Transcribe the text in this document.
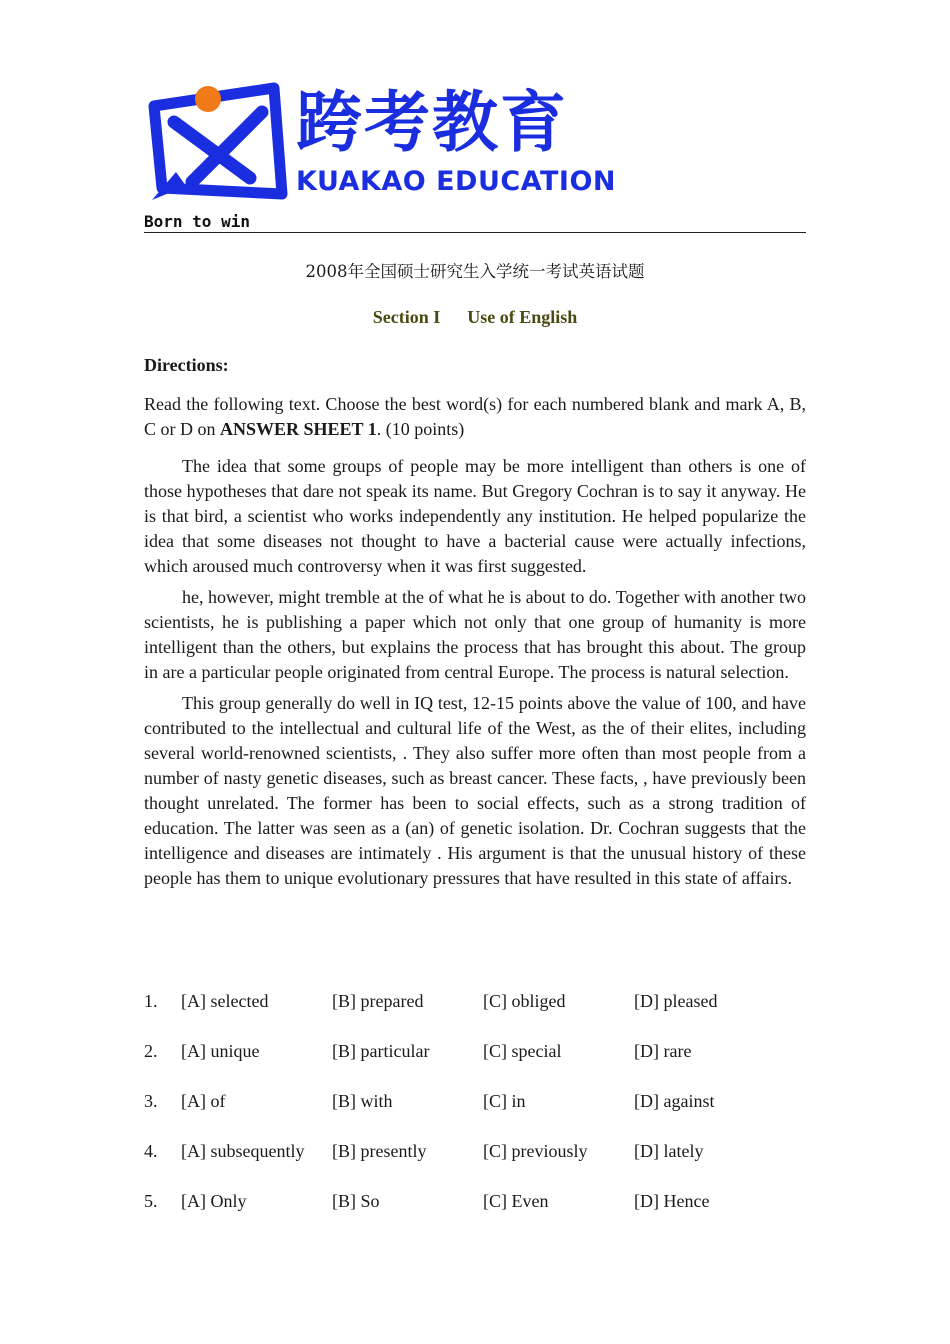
跨考教育
KUAKAO EDUCATION
Born to win
2008年全国硕士研究生入学统一考试英语试题
Section I      Use of English
Directions:
Read the following text. Choose the best word(s) for each numbered blank and mark A, B, C or D on ANSWER SHEET 1. (10 points)

The idea that some groups of people may be more intelligent than others is one of those hypotheses that dare not speak its name. But Gregory Cochran is to say it anyway. He is that bird, a scientist who works independently any institution. He helped popularize the idea that some diseases not thought to have a bacterial cause were actually infections, which aroused much controversy when it was first suggested.

he, however, might tremble at the of what he is about to do. Together with another two scientists, he is publishing a paper which not only that one group of humanity is more intelligent than the others, but explains the process that has brought this about. The group in are a particular people originated from central Europe. The process is natural selection.

This group generally do well in IQ test, 12-15 points above the value of 100, and have contributed to the intellectual and cultural life of the West, as the of their elites, including several world-renowned scientists, . They also suffer more often than most people from a number of nasty genetic diseases, such as breast cancer. These facts, , have previously been thought unrelated. The former has been to social effects, such as a strong tradition of education. The latter was seen as a (an) of genetic isolation. Dr. Cochran suggests that the intelligence and diseases are intimately . His argument is that the unusual history of these people has them to unique evolutionary pressures that have resulted in this state of affairs.

1. [A] selected	[B] prepared	[C] obliged	[D] pleased
2. [A] unique	[B] particular	[C] special	[D] rare
3. [A] of	[B] with	[C] in	[D] against
4. [A] subsequently [B] presently	[C] previously	[D] lately
5. [A] Only	[B] So	[C] Even	[D] Hence
